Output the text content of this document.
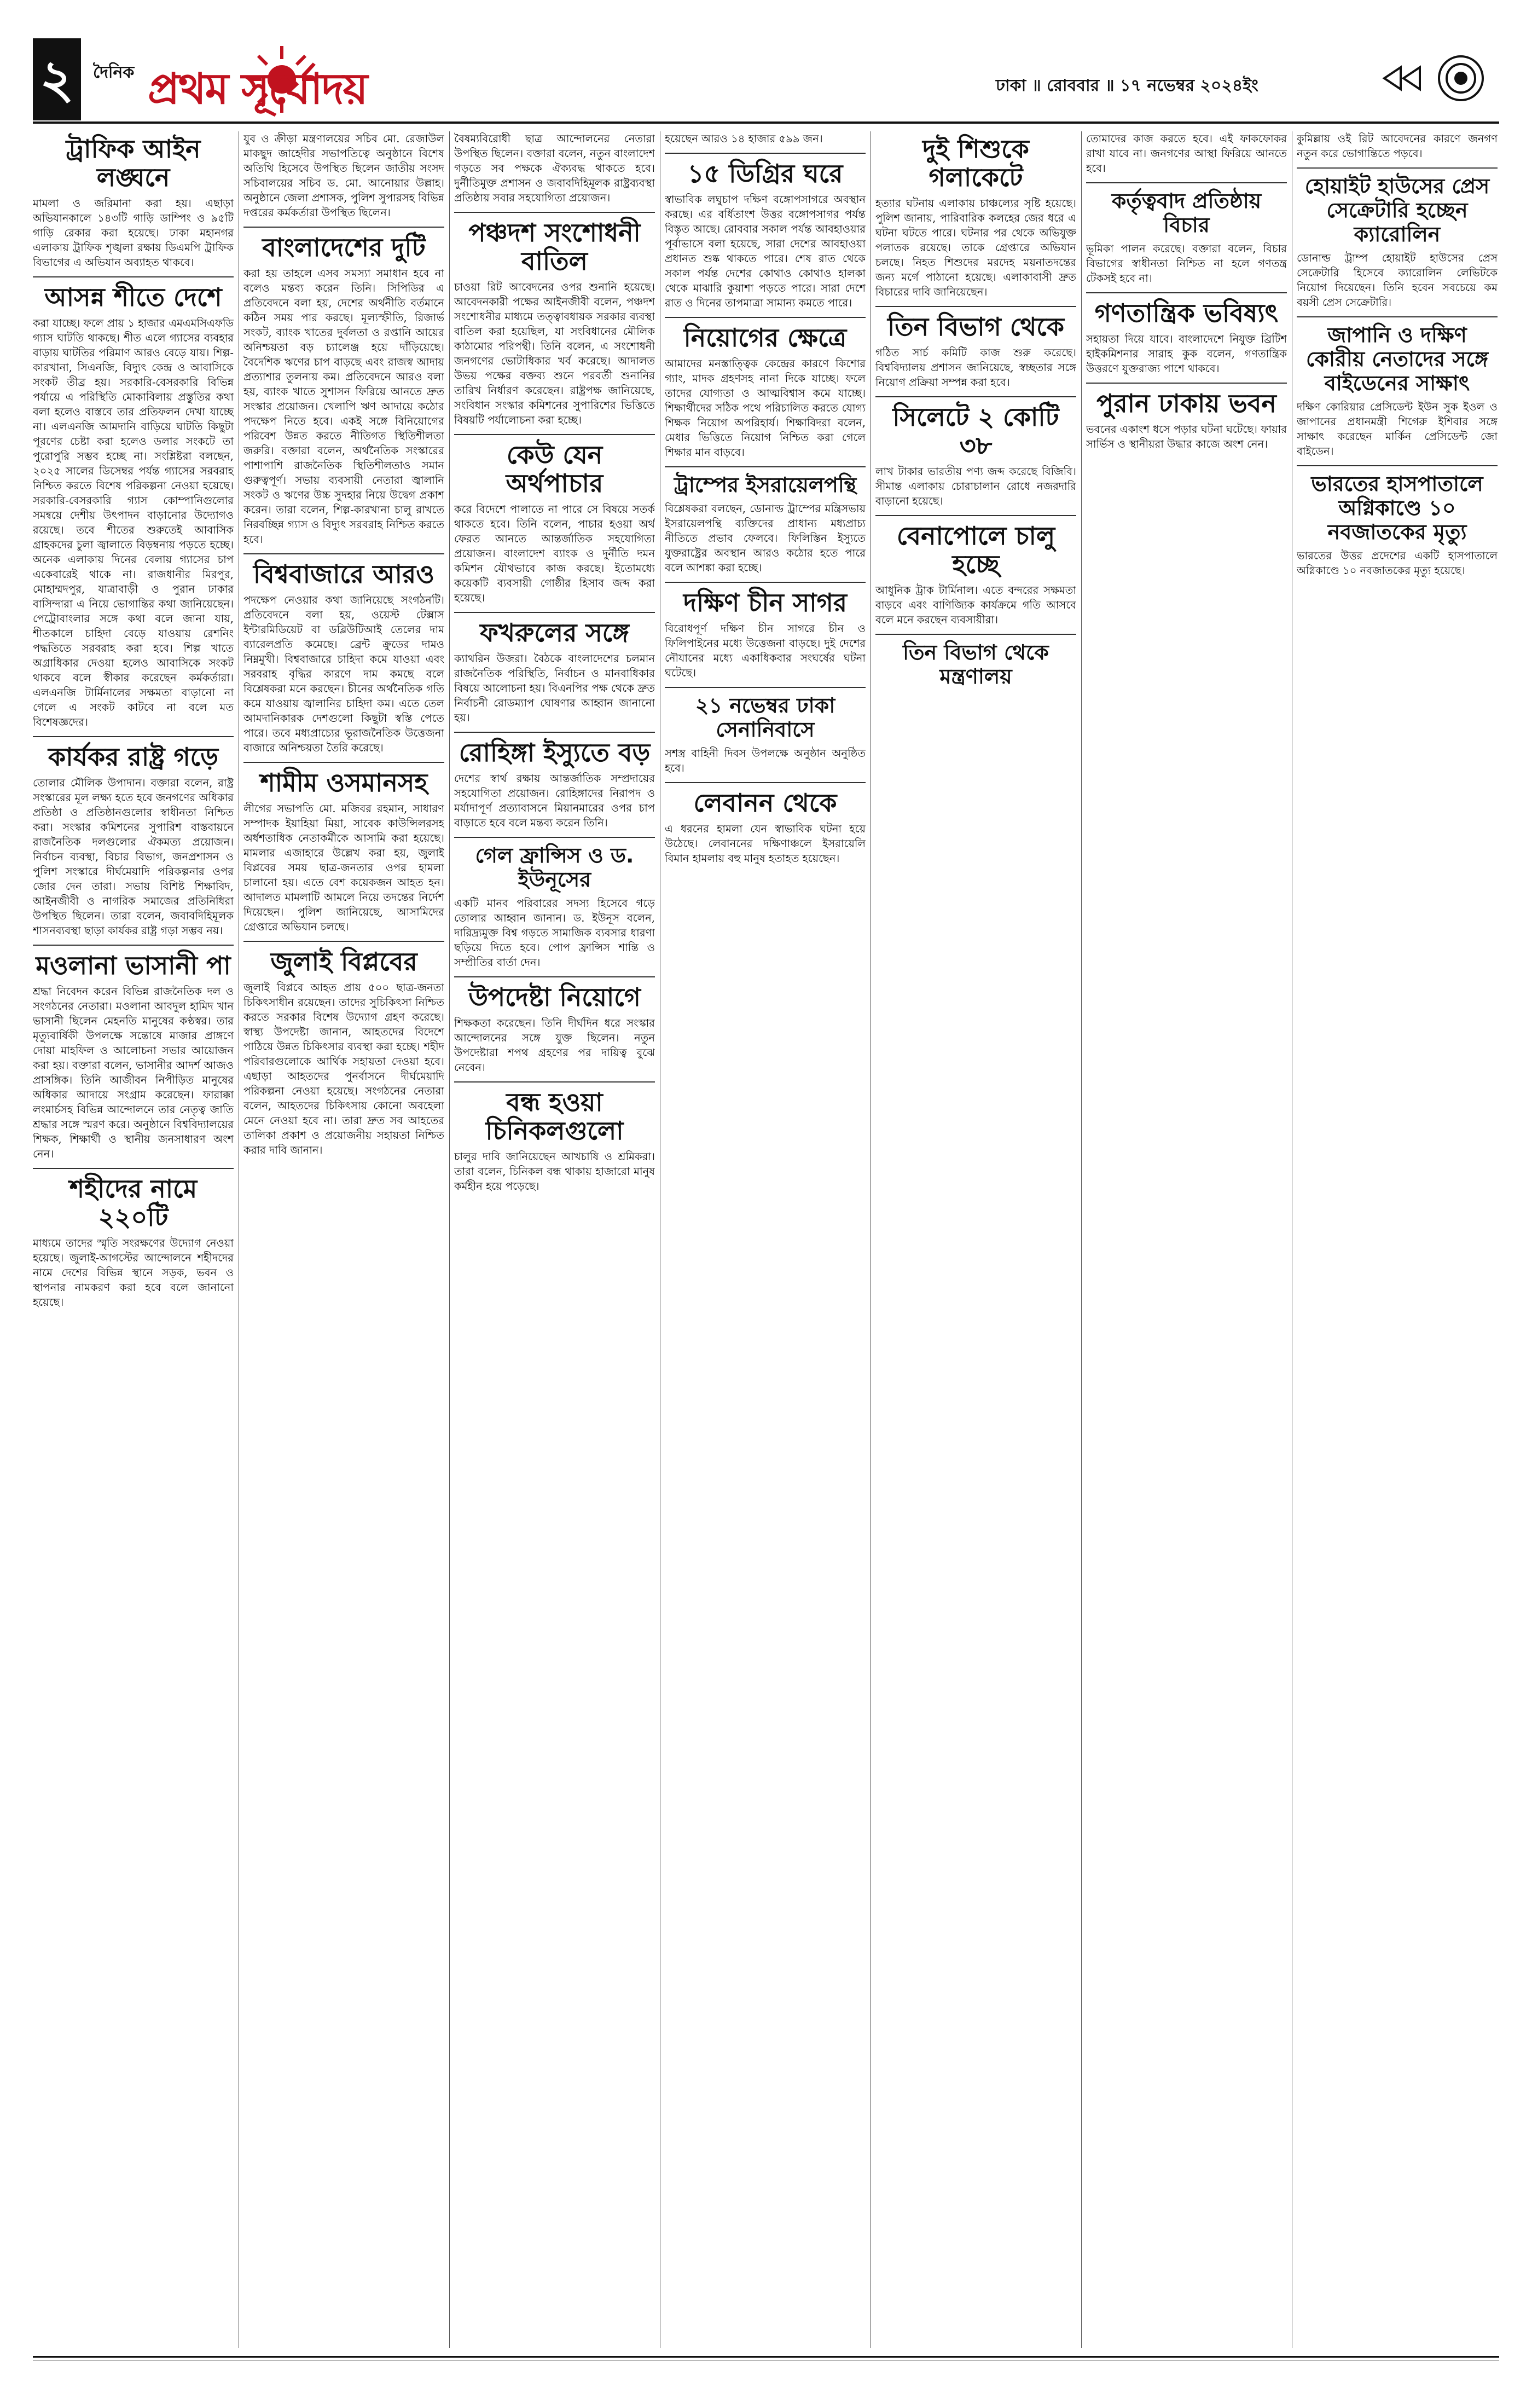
২	দৈনিক প্রথম সূর্যোদয়	ঢাকা ॥ রোববার ॥ ১৭ নভেম্বর ২০২৪ইং
ট্রাফিক আইন লঙ্ঘনে

মামলা ও জরিমানা করা হয়। এছাড়া অভিযানকালে ১৪৩টি গাড়ি ডাম্পিং ও ৯৫টি গাড়ি রেকার করা হয়েছে। ঢাকা মহানগর এলাকায় ট্রাফিক শৃঙ্খলা রক্ষায় ডিএমপি ট্রাফিক বিভাগের এ অভিযান অব্যাহত থাকবে।

আসন্ন শীতে দেশে

করা যাচ্ছে। ফলে প্রায় ১ হাজার এমএমসিএফডি গ্যাস ঘাটতি থাকছে। শীত এলে গ্যাসের ব্যবহার বাড়ায় ঘাটতির পরিমাণ আরও বেড়ে যায়। শিল্প-কারখানা, সিএনজি, বিদ্যুৎ কেন্দ্র ও আবাসিকে সংকট তীব্র হয়। সরকারি-বেসরকারি বিভিন্ন পর্যায়ে এ পরিস্থিতি মোকাবিলায় প্রস্তুতির কথা বলা হলেও বাস্তবে তার প্রতিফলন দেখা যাচ্ছে না। এলএনজি আমদানি বাড়িয়ে ঘাটতি কিছুটা পূরণের চেষ্টা করা হলেও ডলার সংকটে তা পুরোপুরি সম্ভব হচ্ছে না। সংশ্লিষ্টরা বলছেন, ২০২৫ সালের ডিসেম্বর পর্যন্ত গ্যাসের সরবরাহ নিশ্চিত করতে বিশেষ পরিকল্পনা নেওয়া হয়েছে। সরকারি-বেসরকারি গ্যাস কোম্পানিগুলোর সমন্বয়ে দেশীয় উৎপাদন বাড়ানোর উদ্যোগও রয়েছে। তবে শীতের শুরুতেই আবাসিক গ্রাহকদের চুলা জ্বালাতে বিড়ম্বনায় পড়তে হচ্ছে। অনেক এলাকায় দিনের বেলায় গ্যাসের চাপ একেবারেই থাকে না। রাজধানীর মিরপুর, মোহাম্মদপুর, যাত্রাবাড়ী ও পুরান ঢাকার বাসিন্দারা এ নিয়ে ভোগান্তির কথা জানিয়েছেন। পেট্রোবাংলার সঙ্গে কথা বলে জানা যায়, শীতকালে চাহিদা বেড়ে যাওয়ায় রেশনিং পদ্ধতিতে সরবরাহ করা হবে। শিল্প খাতে অগ্রাধিকার দেওয়া হলেও আবাসিকে সংকট থাকবে বলে স্বীকার করেছেন কর্মকর্তারা। এলএনজি টার্মিনালের সক্ষমতা বাড়ানো না গেলে এ সংকট কাটবে না বলে মত বিশেষজ্ঞদের।

কার্যকর রাষ্ট্র গড়ে

তোলার মৌলিক উপাদান। বক্তারা বলেন, রাষ্ট্র সংস্কারের মূল লক্ষ্য হতে হবে জনগণের অধিকার প্রতিষ্ঠা ও প্রতিষ্ঠানগুলোর স্বাধীনতা নিশ্চিত করা। সংস্কার কমিশনের সুপারিশ বাস্তবায়নে রাজনৈতিক দলগুলোর ঐকমত্য প্রয়োজন। নির্বাচন ব্যবস্থা, বিচার বিভাগ, জনপ্রশাসন ও পুলিশ সংস্কারে দীর্ঘমেয়াদি পরিকল্পনার ওপর জোর দেন তারা। সভায় বিশিষ্ট শিক্ষাবিদ, আইনজীবী ও নাগরিক সমাজের প্রতিনিধিরা উপস্থিত ছিলেন। তারা বলেন, জবাবদিহিমূলক শাসনব্যবস্থা ছাড়া কার্যকর রাষ্ট্র গড়া সম্ভব নয়।

মওলানা ভাসানী পা

শ্রদ্ধা নিবেদন করেন বিভিন্ন রাজনৈতিক দল ও সংগঠনের নেতারা। মওলানা আবদুল হামিদ খান ভাসানী ছিলেন মেহনতি মানুষের কণ্ঠস্বর। তার মৃত্যুবার্ষিকী উপলক্ষে সন্তোষে মাজার প্রাঙ্গণে দোয়া মাহফিল ও আলোচনা সভার আয়োজন করা হয়। বক্তারা বলেন, ভাসানীর আদর্শ আজও প্রাসঙ্গিক। তিনি আজীবন নিপীড়িত মানুষের অধিকার আদায়ে সংগ্রাম করেছেন। ফারাক্কা লংমার্চসহ বিভিন্ন আন্দোলনে তার নেতৃত্ব জাতি শ্রদ্ধার সঙ্গে স্মরণ করে। অনুষ্ঠানে বিশ্ববিদ্যালয়ের শিক্ষক, শিক্ষার্থী ও স্থানীয় জনসাধারণ অংশ নেন।

শহীদের নামে ২২০টি

মাধ্যমে তাদের স্মৃতি সংরক্ষণের উদ্যোগ নেওয়া হয়েছে। জুলাই-আগস্টের আন্দোলনে শহীদদের নামে দেশের বিভিন্ন স্থানে সড়ক, ভবন ও স্থাপনার নামকরণ করা হবে বলে জানানো হয়েছে।

যুব ও ক্রীড়া মন্ত্রণালয়ের সচিব মো. রেজাউল মাকছুদ জাহেদীর সভাপতিত্বে অনুষ্ঠানে বিশেষ অতিথি হিসেবে উপস্থিত ছিলেন জাতীয় সংসদ সচিবালয়ের সচিব ড. মো. আনোয়ার উল্লাহ। অনুষ্ঠানে জেলা প্রশাসক, পুলিশ সুপারসহ বিভিন্ন দপ্তরের কর্মকর্তারা উপস্থিত ছিলেন।

বাংলাদেশের দুটি

করা হয় তাহলে এসব সমস্যা সমাধান হবে না বলেও মন্তব্য করেন তিনি। সিপিডির এ প্রতিবেদনে বলা হয়, দেশের অর্থনীতি বর্তমানে কঠিন সময় পার করছে। মূল্যস্ফীতি, রিজার্ভ সংকট, ব্যাংক খাতের দুর্বলতা ও রপ্তানি আয়ের অনিশ্চয়তা বড় চ্যালেঞ্জ হয়ে দাঁড়িয়েছে। বৈদেশিক ঋণের চাপ বাড়ছে এবং রাজস্ব আদায় প্রত্যাশার তুলনায় কম। প্রতিবেদনে আরও বলা হয়, ব্যাংক খাতে সুশাসন ফিরিয়ে আনতে দ্রুত সংস্কার প্রয়োজন। খেলাপি ঋণ আদায়ে কঠোর পদক্ষেপ নিতে হবে। একই সঙ্গে বিনিয়োগের পরিবেশ উন্নত করতে নীতিগত স্থিতিশীলতা জরুরি। বক্তারা বলেন, অর্থনৈতিক সংস্কারের পাশাপাশি রাজনৈতিক স্থিতিশীলতাও সমান গুরুত্বপূর্ণ। সভায় ব্যবসায়ী নেতারা জ্বালানি সংকট ও ঋণের উচ্চ সুদহার নিয়ে উদ্বেগ প্রকাশ করেন। তারা বলেন, শিল্প-কারখানা চালু রাখতে নিরবচ্ছিন্ন গ্যাস ও বিদ্যুৎ সরবরাহ নিশ্চিত করতে হবে।

বিশ্ববাজারে আরও

পদক্ষেপ নেওয়ার কথা জানিয়েছে সংগঠনটি। প্রতিবেদনে বলা হয়, ওয়েস্ট টেক্সাস ইন্টারমিডিয়েট বা ডব্লিউটিআই তেলের দাম ব্যারেলপ্রতি কমেছে। ব্রেন্ট ক্রুডের দামও নিম্নমুখী। বিশ্ববাজারে চাহিদা কমে যাওয়া এবং সরবরাহ বৃদ্ধির কারণে দাম কমছে বলে বিশ্লেষকরা মনে করছেন। চীনের অর্থনৈতিক গতি কমে যাওয়ায় জ্বালানির চাহিদা কম। এতে তেল আমদানিকারক দেশগুলো কিছুটা স্বস্তি পেতে পারে। তবে মধ্যপ্রাচ্যের ভূরাজনৈতিক উত্তেজনা বাজারে অনিশ্চয়তা তৈরি করেছে।

শামীম ওসমানসহ

লীগের সভাপতি মো. মজিবর রহমান, সাধারণ সম্পাদক ইয়াহিয়া মিয়া, সাবেক কাউন্সিলরসহ অর্ধশতাধিক নেতাকর্মীকে আসামি করা হয়েছে। মামলার এজাহারে উল্লেখ করা হয়, জুলাই বিপ্লবের সময় ছাত্র-জনতার ওপর হামলা চালানো হয়। এতে বেশ কয়েকজন আহত হন। আদালত মামলাটি আমলে নিয়ে তদন্তের নির্দেশ দিয়েছেন। পুলিশ জানিয়েছে, আসামিদের গ্রেপ্তারে অভিযান চলছে।

জুলাই বিপ্লবের

জুলাই বিপ্লবে আহত প্রায় ৫০০ ছাত্র-জনতা চিকিৎসাধীন রয়েছেন। তাদের সুচিকিৎসা নিশ্চিত করতে সরকার বিশেষ উদ্যোগ গ্রহণ করেছে। স্বাস্থ্য উপদেষ্টা জানান, আহতদের বিদেশে পাঠিয়ে উন্নত চিকিৎসার ব্যবস্থা করা হচ্ছে। শহীদ পরিবারগুলোকে আর্থিক সহায়তা দেওয়া হবে। এছাড়া আহতদের পুনর্বাসনে দীর্ঘমেয়াদি পরিকল্পনা নেওয়া হয়েছে। সংগঠনের নেতারা বলেন, আহতদের চিকিৎসায় কোনো অবহেলা মেনে নেওয়া হবে না। তারা দ্রুত সব আহতের তালিকা প্রকাশ ও প্রয়োজনীয় সহায়তা নিশ্চিত করার দাবি জানান।

বৈষম্যবিরোধী ছাত্র আন্দোলনের নেতারা উপস্থিত ছিলেন। বক্তারা বলেন, নতুন বাংলাদেশ গড়তে সব পক্ষকে ঐক্যবদ্ধ থাকতে হবে। দুর্নীতিমুক্ত প্রশাসন ও জবাবদিহিমূলক রাষ্ট্রব্যবস্থা প্রতিষ্ঠায় সবার সহযোগিতা প্রয়োজন।

পঞ্চদশ সংশোধনী বাতিল

চাওয়া রিট আবেদনের ওপর শুনানি হয়েছে। আবেদনকারী পক্ষের আইনজীবী বলেন, পঞ্চদশ সংশোধনীর মাধ্যমে তত্ত্বাবধায়ক সরকার ব্যবস্থা বাতিল করা হয়েছিল, যা সংবিধানের মৌলিক কাঠামোর পরিপন্থী। তিনি বলেন, এ সংশোধনী জনগণের ভোটাধিকার খর্ব করেছে। আদালত উভয় পক্ষের বক্তব্য শুনে পরবর্তী শুনানির তারিখ নির্ধারণ করেছেন। রাষ্ট্রপক্ষ জানিয়েছে, সংবিধান সংস্কার কমিশনের সুপারিশের ভিত্তিতে বিষয়টি পর্যালোচনা করা হচ্ছে।

কেউ যেন অর্থপাচার

করে বিদেশে পালাতে না পারে সে বিষয়ে সতর্ক থাকতে হবে। তিনি বলেন, পাচার হওয়া অর্থ ফেরত আনতে আন্তর্জাতিক সহযোগিতা প্রয়োজন। বাংলাদেশ ব্যাংক ও দুর্নীতি দমন কমিশন যৌথভাবে কাজ করছে। ইতোমধ্যে কয়েকটি ব্যবসায়ী গোষ্ঠীর হিসাব জব্দ করা হয়েছে।

ফখরুলের সঙ্গে

ক্যাথরিন উজরা। বৈঠকে বাংলাদেশের চলমান রাজনৈতিক পরিস্থিতি, নির্বাচন ও মানবাধিকার বিষয়ে আলোচনা হয়। বিএনপির পক্ষ থেকে দ্রুত নির্বাচনী রোডম্যাপ ঘোষণার আহ্বান জানানো হয়।

রোহিঙ্গা ইস্যুতে বড়

দেশের স্বার্থ রক্ষায় আন্তর্জাতিক সম্প্রদায়ের সহযোগিতা প্রয়োজন। রোহিঙ্গাদের নিরাপদ ও মর্যাদাপূর্ণ প্রত্যাবাসনে মিয়ানমারের ওপর চাপ বাড়াতে হবে বলে মন্তব্য করেন তিনি।

গেল ফ্রান্সিস ও ড. ইউনূসের

একটি মানব পরিবারের সদস্য হিসেবে গড়ে তোলার আহ্বান জানান। ড. ইউনূস বলেন, দারিদ্র্যমুক্ত বিশ্ব গড়তে সামাজিক ব্যবসার ধারণা ছড়িয়ে দিতে হবে। পোপ ফ্রান্সিস শান্তি ও সম্প্রীতির বার্তা দেন।

উপদেষ্টা নিয়োগে

শিক্ষকতা করেছেন। তিনি দীর্ঘদিন ধরে সংস্কার আন্দোলনের সঙ্গে যুক্ত ছিলেন। নতুন উপদেষ্টারা শপথ গ্রহণের পর দায়িত্ব বুঝে নেবেন।

বন্ধ হওয়া চিনিকলগুলো

চালুর দাবি জানিয়েছেন আখচাষি ও শ্রমিকরা। তারা বলেন, চিনিকল বন্ধ থাকায় হাজারো মানুষ কর্মহীন হয়ে পড়েছে।

হয়েছেন আরও ১৪ হাজার ৫৯৯ জন।

১৫ ডিগ্রির ঘরে

স্বাভাবিক লঘুচাপ দক্ষিণ বঙ্গোপসাগরে অবস্থান করছে। এর বর্ধিতাংশ উত্তর বঙ্গোপসাগর পর্যন্ত বিস্তৃত আছে। রোববার সকাল পর্যন্ত আবহাওয়ার পূর্বাভাসে বলা হয়েছে, সারা দেশের আবহাওয়া প্রধানত শুষ্ক থাকতে পারে। শেষ রাত থেকে সকাল পর্যন্ত দেশের কোথাও কোথাও হালকা থেকে মাঝারি কুয়াশা পড়তে পারে। সারা দেশে রাত ও দিনের তাপমাত্রা সামান্য কমতে পারে।

নিয়োগের ক্ষেত্রে

আমাদের মনস্তাত্ত্বিক কেন্দ্রের কারণে কিশোর গ্যাং, মাদক গ্রহণসহ নানা দিকে যাচ্ছে। ফলে তাদের যোগ্যতা ও আত্মবিশ্বাস কমে যাচ্ছে। শিক্ষার্থীদের সঠিক পথে পরিচালিত করতে যোগ্য শিক্ষক নিয়োগ অপরিহার্য। শিক্ষাবিদরা বলেন, মেধার ভিত্তিতে নিয়োগ নিশ্চিত করা গেলে শিক্ষার মান বাড়বে।

ট্রাম্পের ইসরায়েলপন্থি

বিশ্লেষকরা বলছেন, ডোনাল্ড ট্রাম্পের মন্ত্রিসভায় ইসরায়েলপন্থি ব্যক্তিদের প্রাধান্য মধ্যপ্রাচ্য নীতিতে প্রভাব ফেলবে। ফিলিস্তিন ইস্যুতে যুক্তরাষ্ট্রের অবস্থান আরও কঠোর হতে পারে বলে আশঙ্কা করা হচ্ছে।

দক্ষিণ চীন সাগর

বিরোধপূর্ণ দক্ষিণ চীন সাগরে চীন ও ফিলিপাইনের মধ্যে উত্তেজনা বাড়ছে। দুই দেশের নৌযানের মধ্যে একাধিকবার সংঘর্ষের ঘটনা ঘটেছে।

২১ নভেম্বর ঢাকা সেনানিবাসে

সশস্ত্র বাহিনী দিবস উপলক্ষে অনুষ্ঠান অনুষ্ঠিত হবে।

লেবানন থেকে

এ ধরনের হামলা যেন স্বাভাবিক ঘটনা হয়ে উঠেছে। লেবাননের দক্ষিণাঞ্চলে ইসরায়েলি বিমান হামলায় বহু মানুষ হতাহত হয়েছেন।

দুই শিশুকে গলাকেটে

হত্যার ঘটনায় এলাকায় চাঞ্চল্যের সৃষ্টি হয়েছে। পুলিশ জানায়, পারিবারিক কলহের জের ধরে এ ঘটনা ঘটতে পারে। ঘটনার পর থেকে অভিযুক্ত পলাতক রয়েছে। তাকে গ্রেপ্তারে অভিযান চলছে। নিহত শিশুদের মরদেহ ময়নাতদন্তের জন্য মর্গে পাঠানো হয়েছে। এলাকাবাসী দ্রুত বিচারের দাবি জানিয়েছেন।

তিন বিভাগ থেকে

গঠিত সার্চ কমিটি কাজ শুরু করেছে। বিশ্ববিদ্যালয় প্রশাসন জানিয়েছে, স্বচ্ছতার সঙ্গে নিয়োগ প্রক্রিয়া সম্পন্ন করা হবে।

সিলেটে ২ কোটি ৩৮

লাখ টাকার ভারতীয় পণ্য জব্দ করেছে বিজিবি। সীমান্ত এলাকায় চোরাচালান রোধে নজরদারি বাড়ানো হয়েছে।

বেনাপোলে চালু হচ্ছে

আধুনিক ট্রাক টার্মিনাল। এতে বন্দরের সক্ষমতা বাড়বে এবং বাণিজ্যিক কার্যক্রমে গতি আসবে বলে মনে করছেন ব্যবসায়ীরা।

তিন বিভাগ থেকে মন্ত্রণালয়

তোমাদের কাজ করতে হবে। এই ফাকফোকর রাখা যাবে না। জনগণের আস্থা ফিরিয়ে আনতে হবে।

কর্তৃত্ববাদ প্রতিষ্ঠায় বিচার

ভূমিকা পালন করেছে। বক্তারা বলেন, বিচার বিভাগের স্বাধীনতা নিশ্চিত না হলে গণতন্ত্র টেকসই হবে না।

গণতান্ত্রিক ভবিষ্যৎ

সহায়তা দিয়ে যাবে। বাংলাদেশে নিযুক্ত ব্রিটিশ হাইকমিশনার সারাহ কুক বলেন, গণতান্ত্রিক উত্তরণে যুক্তরাজ্য পাশে থাকবে।

পুরান ঢাকায় ভবন

ভবনের একাংশ ধসে পড়ার ঘটনা ঘটেছে। ফায়ার সার্ভিস ও স্থানীয়রা উদ্ধার কাজে অংশ নেন।

কুমিল্লায় ওই রিট আবেদনের কারণে জনগণ নতুন করে ভোগান্তিতে পড়বে।

হোয়াইট হাউসের প্রেস সেক্রেটারি হচ্ছেন ক্যারোলিন

ডোনাল্ড ট্রাম্প হোয়াইট হাউসের প্রেস সেক্রেটারি হিসেবে ক্যারোলিন লেভিটকে নিয়োগ দিয়েছেন। তিনি হবেন সবচেয়ে কম বয়সী প্রেস সেক্রেটারি।

জাপানি ও দক্ষিণ কোরীয় নেতাদের সঙ্গে বাইডেনের সাক্ষাৎ

দক্ষিণ কোরিয়ার প্রেসিডেন্ট ইউন সুক ইওল ও জাপানের প্রধানমন্ত্রী শিগেরু ইশিবার সঙ্গে সাক্ষাৎ করেছেন মার্কিন প্রেসিডেন্ট জো বাইডেন।

ভারতের হাসপাতালে অগ্নিকাণ্ডে ১০ নবজাতকের মৃত্যু

ভারতের উত্তর প্রদেশের একটি হাসপাতালে অগ্নিকাণ্ডে ১০ নবজাতকের মৃত্যু হয়েছে।
